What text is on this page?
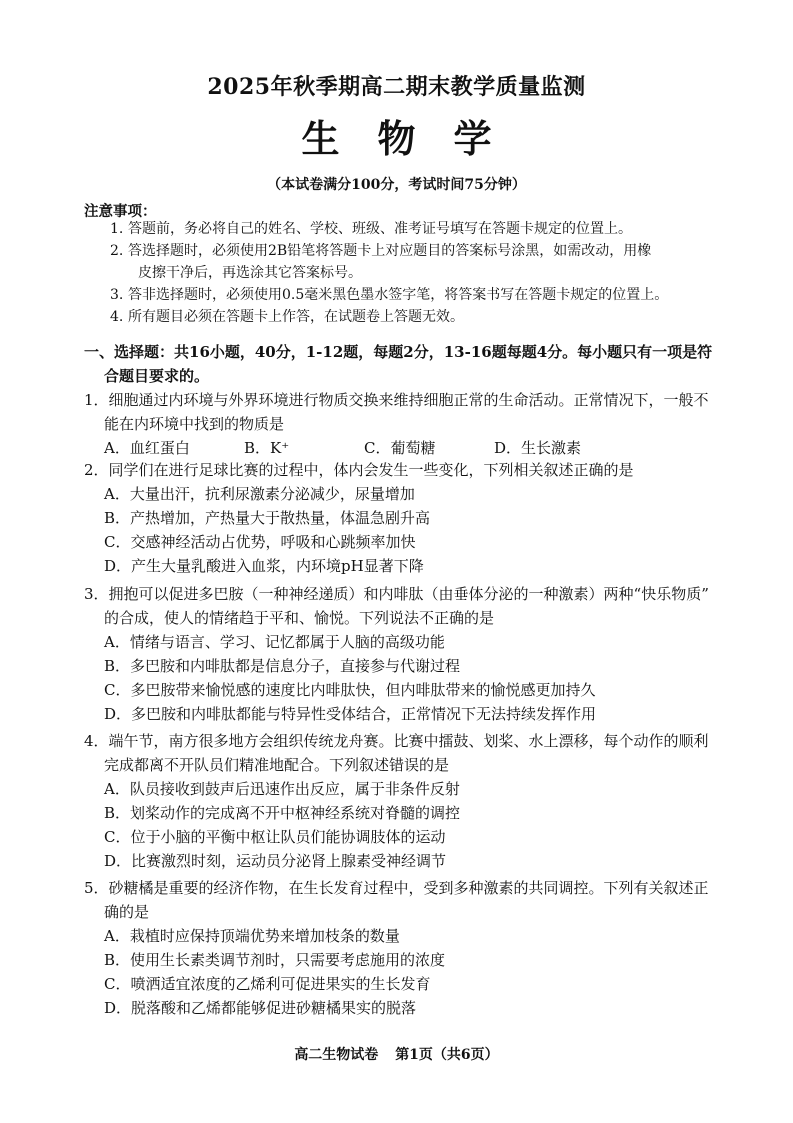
2025年秋季期高二期末教学质量监测
生物学
（本试卷满分100分，考试时间75分钟）
注意事项：
1. 答题前，务必将自己的姓名、学校、班级、准考证号填写在答题卡规定的位置上。
2. 答选择题时，必须使用2B铅笔将答题卡上对应题目的答案标号涂黑，如需改动，用橡
皮擦干净后，再选涂其它答案标号。
3. 答非选择题时，必须使用0.5毫米黑色墨水签字笔，将答案书写在答题卡规定的位置上。
4. 所有题目必须在答题卡上作答，在试题卷上答题无效。
一、选择题：共16小题，40分，1-12题，每题2分，13-16题每题4分。每小题只有一项是符
合题目要求的。
1．细胞通过内环境与外界环境进行物质交换来维持细胞正常的生命活动。正常情况下，一般不
能在内环境中找到的物质是
A．血红蛋白	B．K⁺	C．葡萄糖	D．生长激素
2．同学们在进行足球比赛的过程中，体内会发生一些变化，下列相关叙述正确的是
A．大量出汗，抗利尿激素分泌减少，尿量增加
B．产热增加，产热量大于散热量，体温急剧升高
C．交感神经活动占优势，呼吸和心跳频率加快
D．产生大量乳酸进入血浆，内环境pH显著下降
3．拥抱可以促进多巴胺（一种神经递质）和内啡肽（由垂体分泌的一种激素）两种“快乐物质”
的合成，使人的情绪趋于平和、愉悦。下列说法不正确的是
A．情绪与语言、学习、记忆都属于人脑的高级功能
B．多巴胺和内啡肽都是信息分子，直接参与代谢过程
C．多巴胺带来愉悦感的速度比内啡肽快，但内啡肽带来的愉悦感更加持久
D．多巴胺和内啡肽都能与特异性受体结合，正常情况下无法持续发挥作用
4．端午节，南方很多地方会组织传统龙舟赛。比赛中擂鼓、划桨、水上漂移，每个动作的顺利
完成都离不开队员们精准地配合。下列叙述错误的是
A．队员接收到鼓声后迅速作出反应，属于非条件反射
B．划桨动作的完成离不开中枢神经系统对脊髓的调控
C．位于小脑的平衡中枢让队员们能协调肢体的运动
D．比赛激烈时刻，运动员分泌肾上腺素受神经调节
5．砂糖橘是重要的经济作物，在生长发育过程中，受到多种激素的共同调控。下列有关叙述正
确的是
A．栽植时应保持顶端优势来增加枝条的数量
B．使用生长素类调节剂时，只需要考虑施用的浓度
C．喷洒适宜浓度的乙烯利可促进果实的生长发育
D．脱落酸和乙烯都能够促进砂糖橘果实的脱落
高二生物试卷 第1页（共6页）
